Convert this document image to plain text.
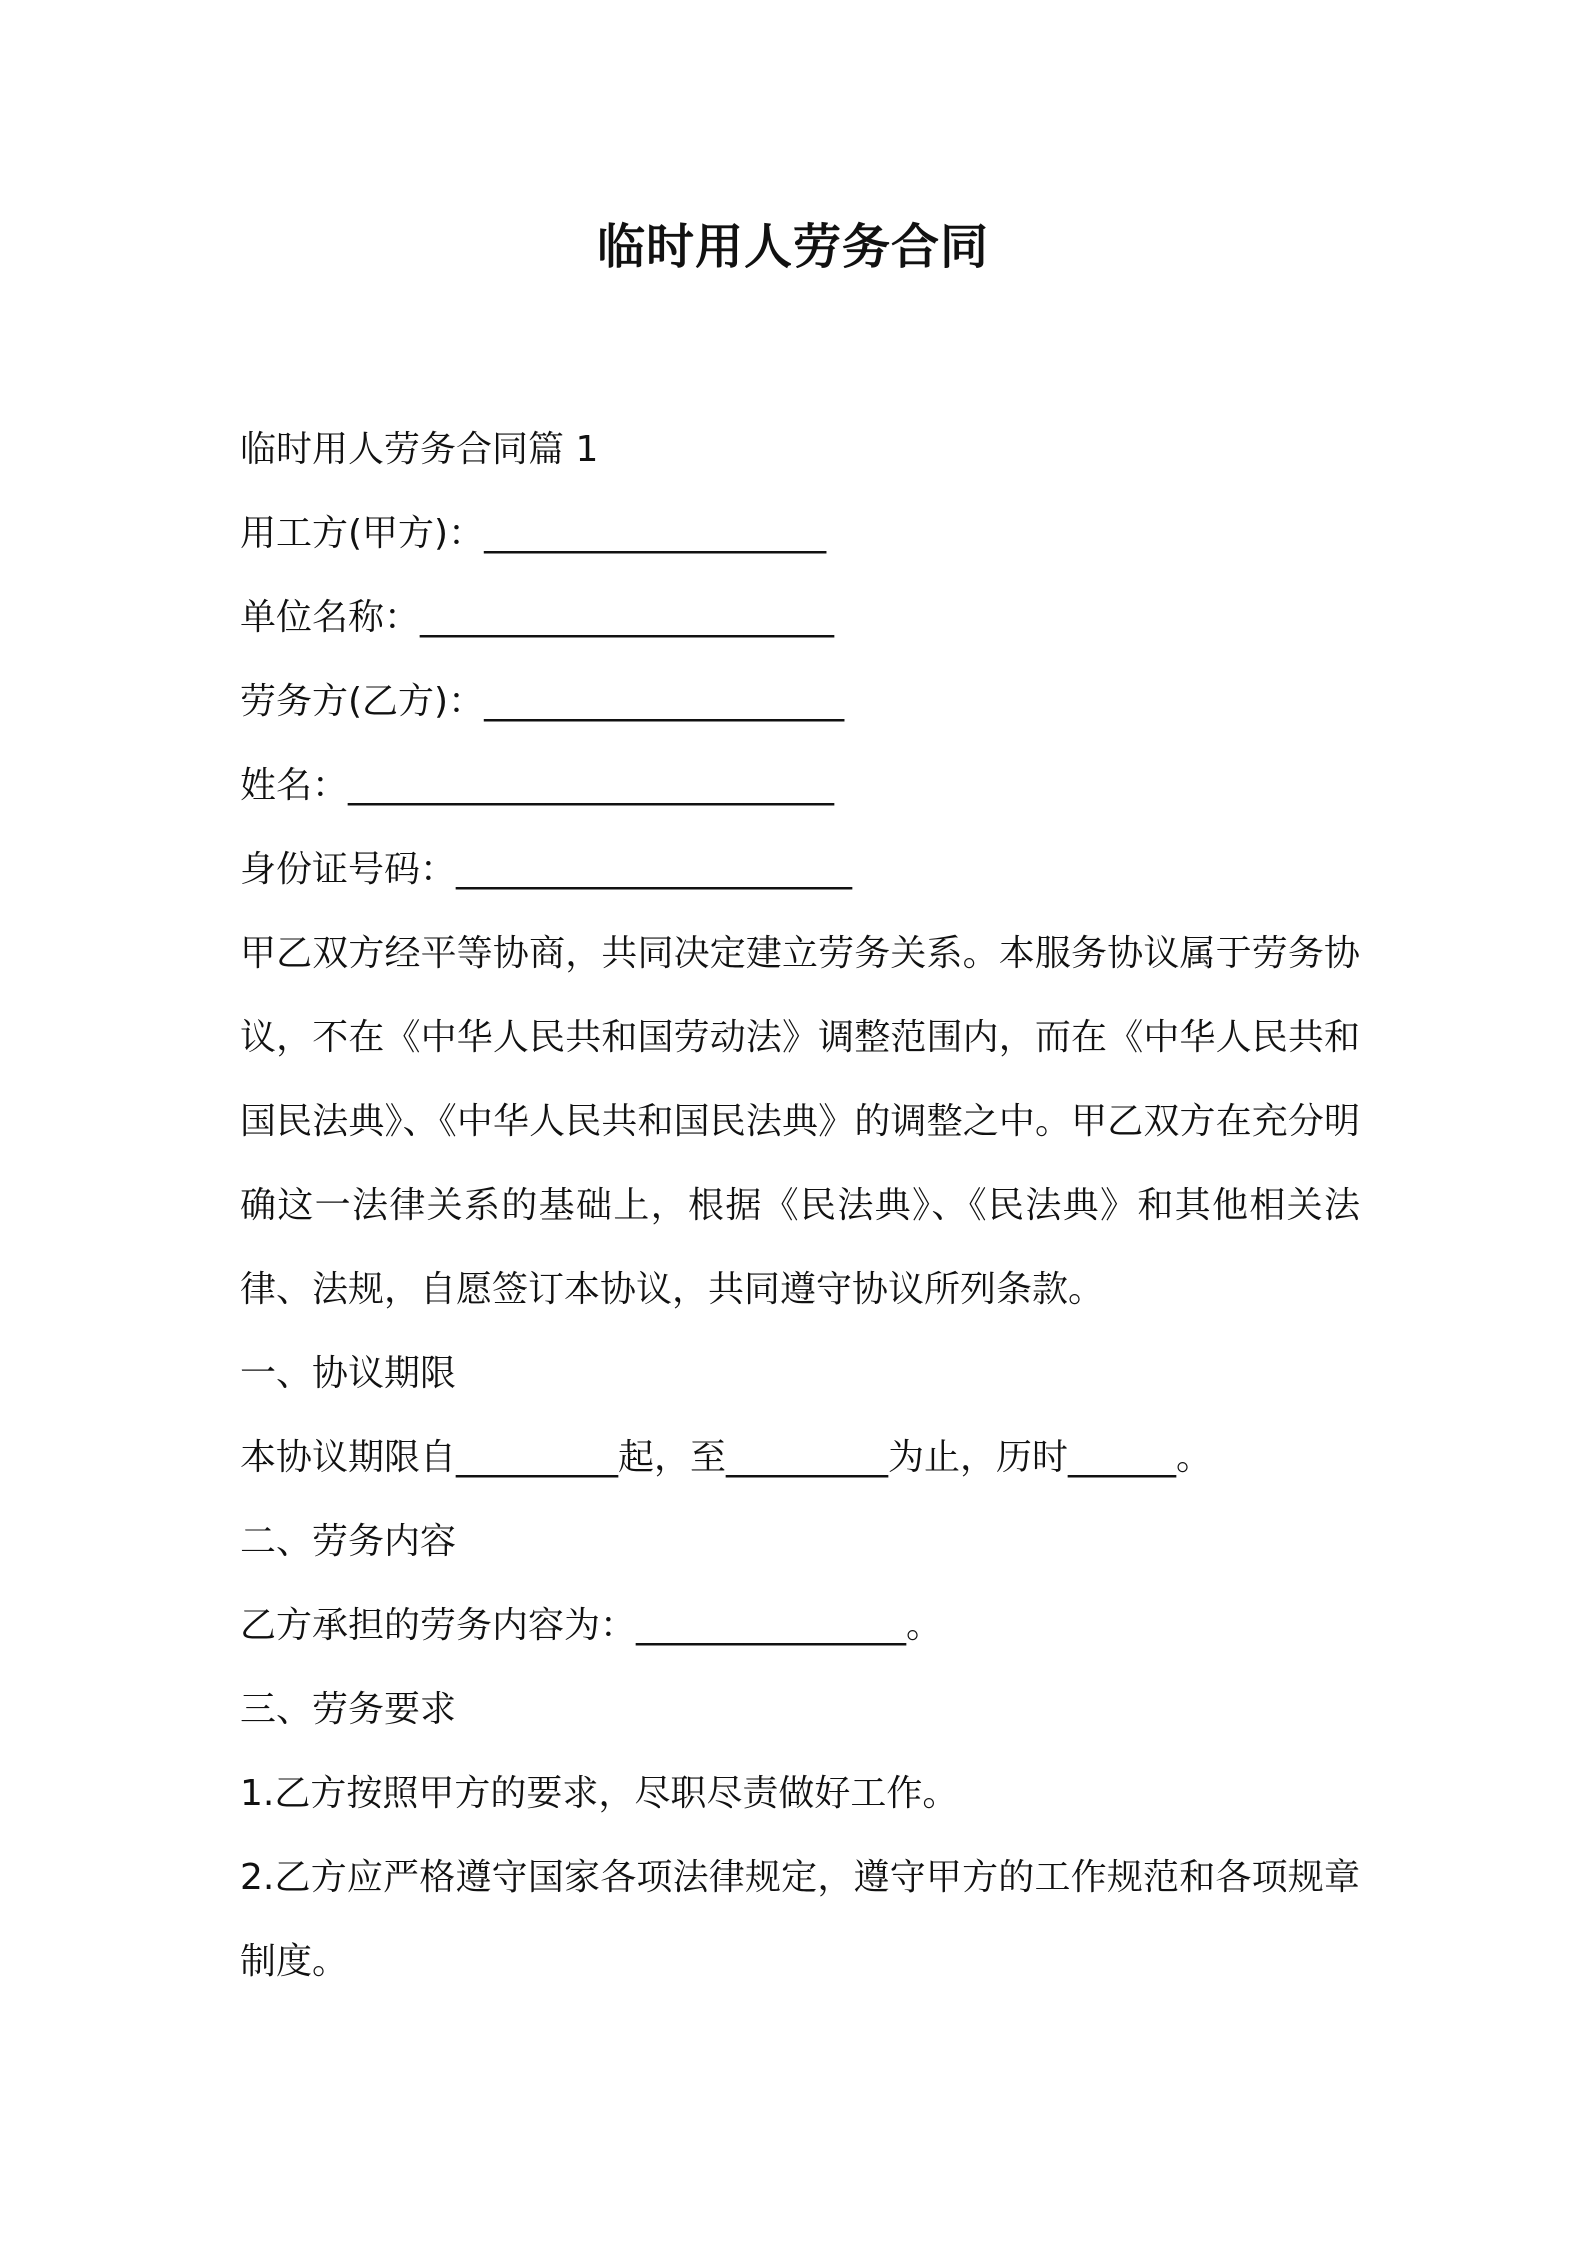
临时用人劳务合同
临时用人劳务合同篇 1
用工方(甲方)：___________________
单位名称：_______________________
劳务方(乙方)：____________________
姓名：___________________________
身份证号码：______________________
甲乙双方经平等协商，共同决定建立劳务关系。本服务协议属于劳务协议，不在《中华人民共和国劳动法》调整范围内，而在《中华人民共和国民法典》、《中华人民共和国民法典》的调整之中。甲乙双方在充分明确这一法律关系的基础上，根据《民法典》、《民法典》和其他相关法律、法规，自愿签订本协议，共同遵守协议所列条款。
一、协议期限
本协议期限自_________起，至_________为止，历时______。
二、劳务内容
乙方承担的劳务内容为：_______________。
三、劳务要求
1.乙方按照甲方的要求，尽职尽责做好工作。
2.乙方应严格遵守国家各项法律规定，遵守甲方的工作规范和各项规章制度。
